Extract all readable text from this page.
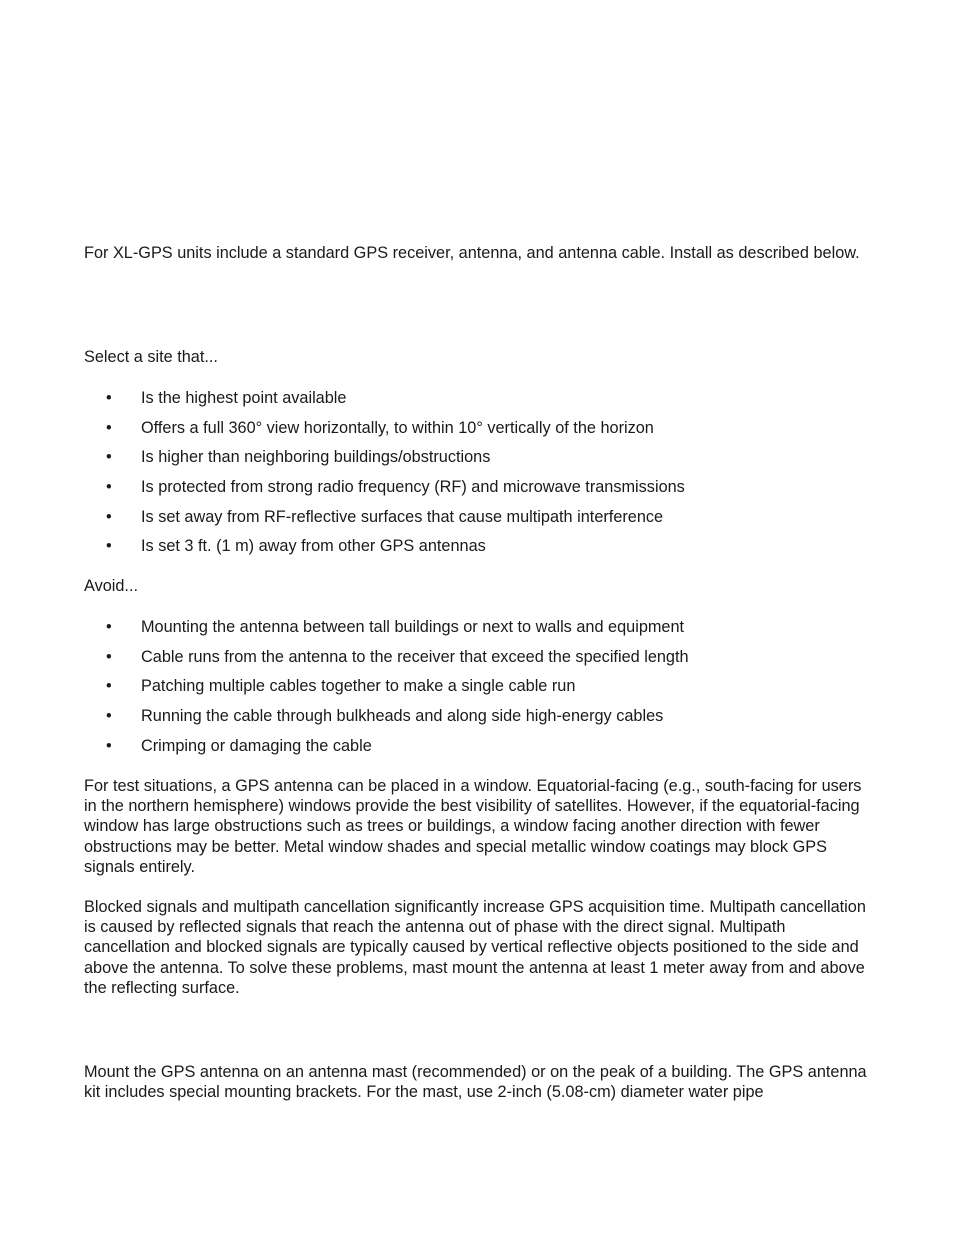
For XL-GPS units include a standard GPS receiver, antenna, and antenna cable. Install as described below.

Select a site that...

• Is the highest point available
• Offers a full 360° view horizontally, to within 10° vertically of the horizon
• Is higher than neighboring buildings/obstructions
• Is protected from strong radio frequency (RF) and microwave transmissions
• Is set away from RF-reflective surfaces that cause multipath interference
• Is set 3 ft. (1 m) away from other GPS antennas

Avoid...

• Mounting the antenna between tall buildings or next to walls and equipment
• Cable runs from the antenna to the receiver that exceed the specified length
• Patching multiple cables together to make a single cable run
• Running the cable through bulkheads and along side high-energy cables
• Crimping or damaging the cable

For test situations, a GPS antenna can be placed in a window. Equatorial-facing (e.g., south-facing for users in the northern hemisphere) windows provide the best visibility of satellites. However, if the equatorial-facing window has large obstructions such as trees or buildings, a window facing another direction with fewer obstructions may be better. Metal window shades and special metallic window coatings may block GPS signals entirely.

Blocked signals and multipath cancellation significantly increase GPS acquisition time. Multipath cancellation is caused by reflected signals that reach the antenna out of phase with the direct signal. Multipath cancellation and blocked signals are typically caused by vertical reflective objects positioned to the side and above the antenna. To solve these problems, mast mount the antenna at least 1 meter away from and above the reflecting surface.

Mount the GPS antenna on an antenna mast (recommended) or on the peak of a building. The GPS antenna kit includes special mounting brackets. For the mast, use 2-inch (5.08-cm) diameter water pipe
